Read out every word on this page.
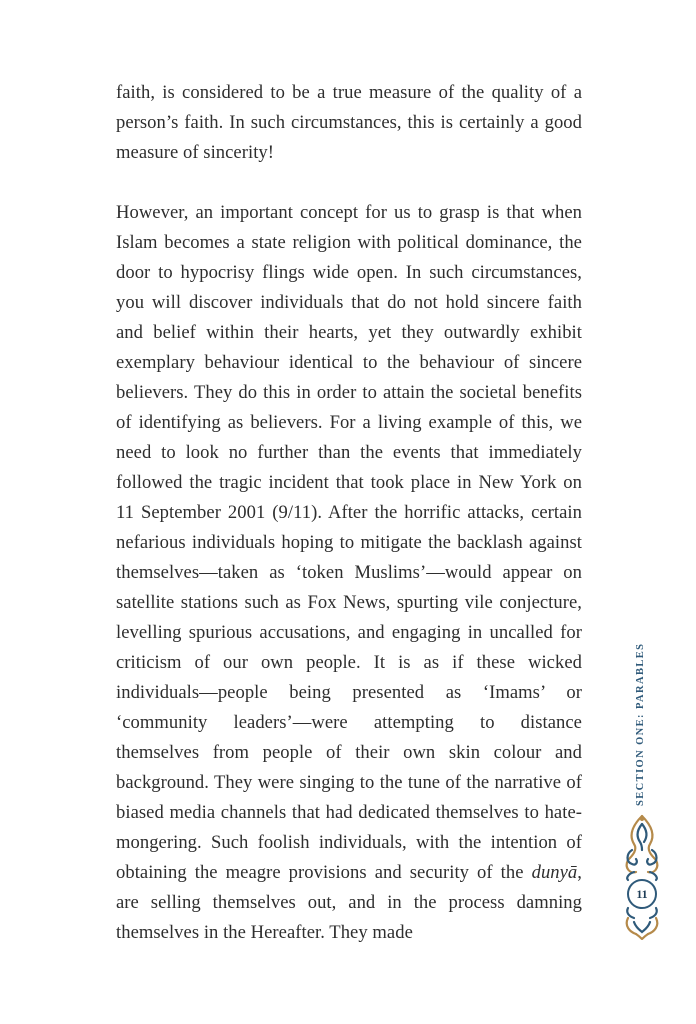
faith, is considered to be a true measure of the quality of a person’s faith. In such circumstances, this is certainly a good measure of sincerity!

However, an important concept for us to grasp is that when Islam becomes a state religion with political dominance, the door to hypocrisy flings wide open. In such circumstances, you will discover individuals that do not hold sincere faith and belief within their hearts, yet they outwardly exhibit exemplary behaviour identical to the behaviour of sincere believers. They do this in order to attain the societal benefits of identifying as believers. For a living example of this, we need to look no further than the events that immediately followed the tragic incident that took place in New York on 11 September 2001 (9/11). After the horrific attacks, certain nefarious individuals hoping to mitigate the backlash against themselves—taken as ‘token Muslims’—would appear on satellite stations such as Fox News, spurting vile conjecture, levelling spurious accusations, and engaging in uncalled for criticism of our own people. It is as if these wicked individuals—people being presented as ‘Imams’ or ‘community leaders’—were attempting to distance themselves from people of their own skin colour and background. They were singing to the tune of the narrative of biased media channels that had dedicated themselves to hate-mongering. Such foolish individuals, with the intention of obtaining the meagre provisions and security of the dunyā, are selling themselves out, and in the process damning themselves in the Hereafter. They made

SECTION ONE: PARABLES
11
